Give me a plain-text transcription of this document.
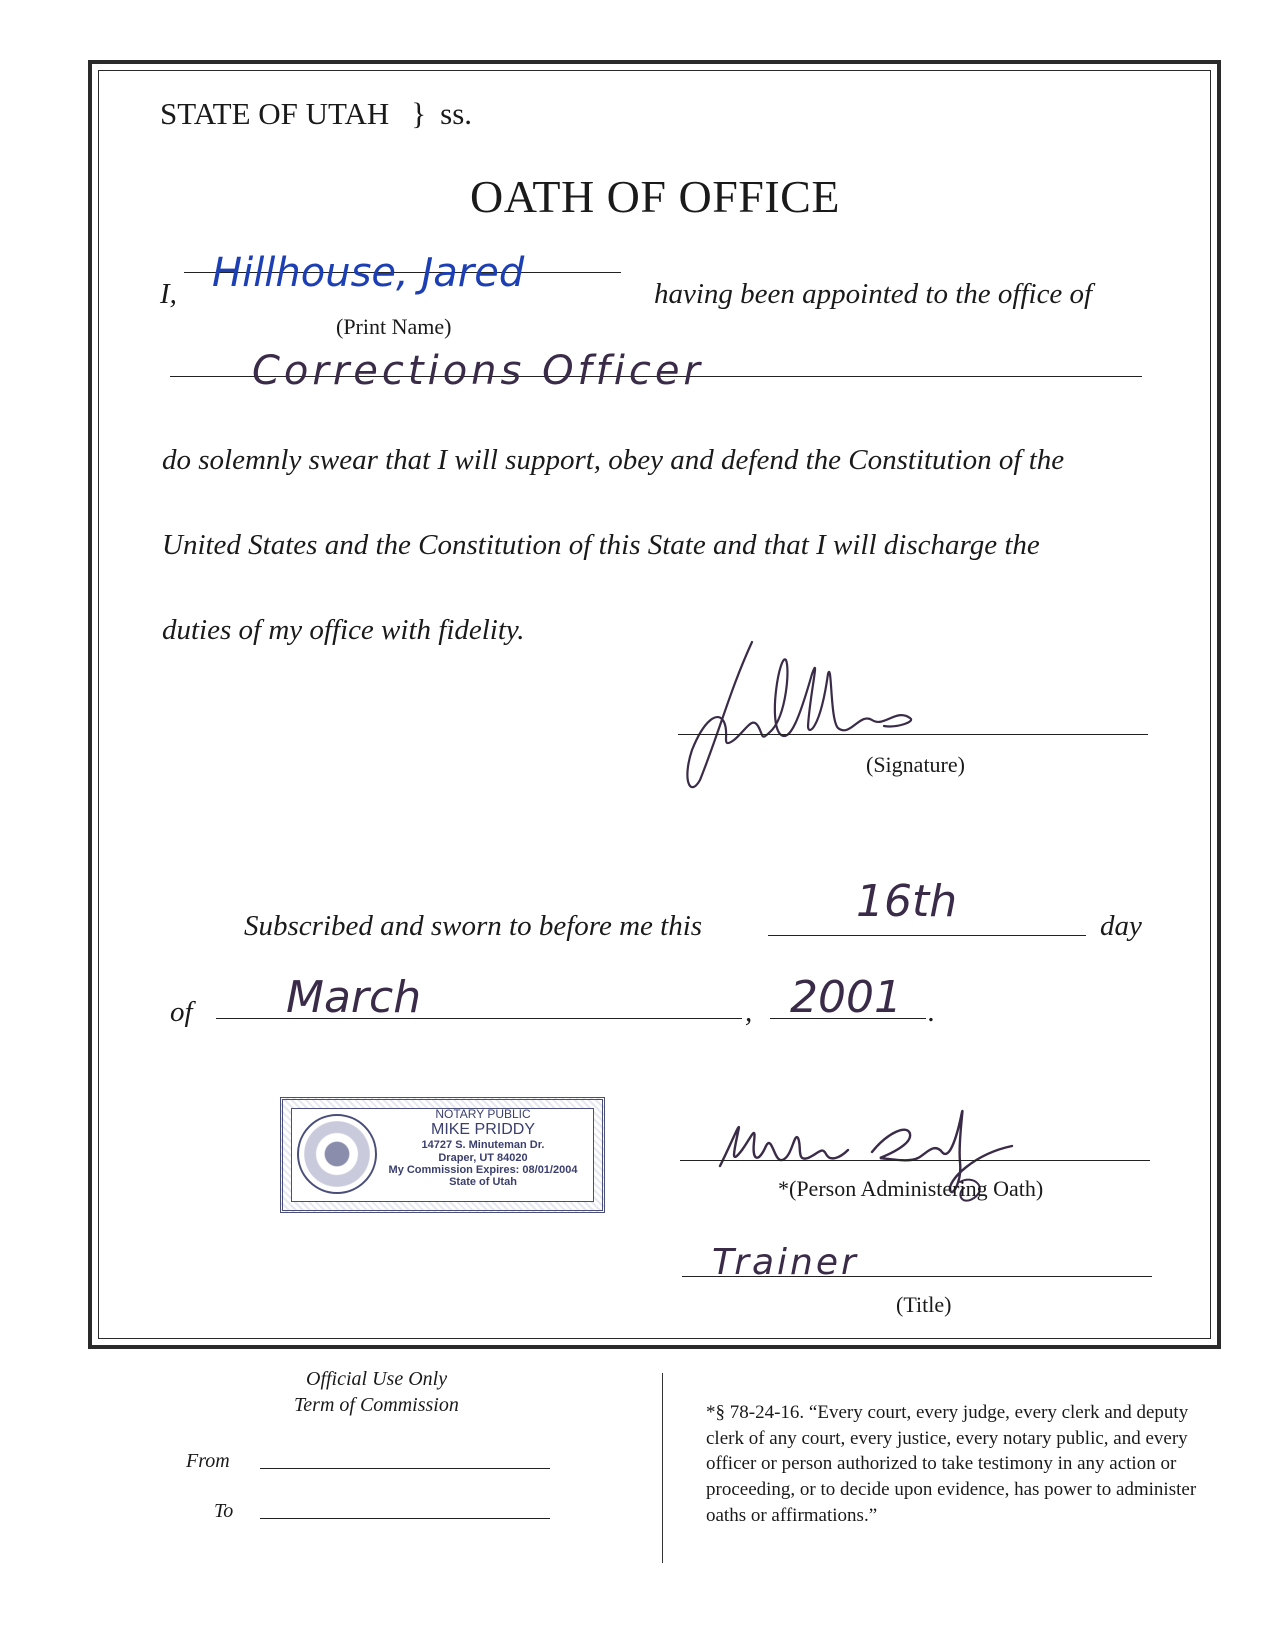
STATE OF UTAH } ss.
OATH OF OFFICE
I, Hillhouse, Jared
(Print Name)
having been appointed to the office of
Corrections Officer
do solemnly swear that I will support, obey and defend the Constitution of the
United States and the Constitution of this State and that I will discharge the
duties of my office with fidelity.
(Signature)
Subscribed and sworn to before me this	16th	day
of March	, 2001 .
NOTARY PUBLIC
MIKE PRIDDY
14727 S. Minuteman Dr.
Draper, UT 84020
My Commission Expires: 08/01/2004
State of Utah	*(Person Administering Oath)
Trainer
(Title)
Official Use Only
Term of Commission
From
To
*§ 78-24-16. “Every court, every judge, every clerk and deputy clerk of any court, every justice, every notary public, and every officer or person authorized to take testimony in any action or proceeding, or to decide upon evidence, has power to administer oaths or affirmations.”
